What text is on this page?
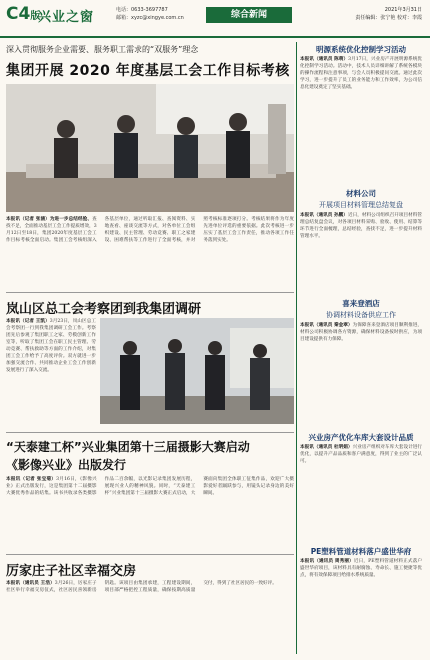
C4版
兴业之窗	电话：0633-3697787
邮箱：xyzc@xingye.com.cn	综合新闻	2021年3月31日
责任编辑：张宁艳 校对：李霞
深入贯彻服务企业需要、服务职工需求的“双服务”理念
集团开展 2020 年度基层工会工作目标考核
本报讯（记者 张涵）为进一步总结经验、查找不足，全面推动基层工会工作提质增效，3月12日至18日，集团2020年度基层工会工作目标考核全面启动。集团工会考核组深入各基层单位，通过听取汇报、查阅资料、实地查看、座谈交流等方式，对各单位工会组织建设、民主管理、劳动竞赛、职工之家建设、困难帮扶等工作进行了全面考核，并对照考核标准逐项打分。考核结果将作为年度先进单位评选的重要依据。此次考核进一步压实了基层工会工作责任，推动各项工作任务落到实处。
岚山区总工会考察团到我集团调研
本报讯（记者 王凯）3月23日，岚山区总工会考察团一行到我集团调研工会工作。考察团先后参观了集团职工之家、劳模创新工作室等，听取了集团工会在职工民主管理、劳动竞赛、帮扶救助等方面的工作介绍，对集团工会工作给予了高度评价。双方就进一步加强交流合作、共同推动企业工会工作创新发展进行了深入交流。
“天泰建工杯”兴业集团第十三届摄影大赛启动
《影像兴业》出版发行
本报讯（记者 张宝菊）3月16日，《影像兴业》正式出版发行，这是集团第十二届摄影大赛优秀作品的结集。该书共收录各类摄影作品二百余幅，以光影记录集团发展历程，展现兴业人的精神风貌。同时，“天泰建工杯”兴业集团第十三届摄影大赛正式启动，大赛面向集团全体职工征集作品，欢迎广大摄影爱好者踊跃参与，用镜头记录身边的美好瞬间。
厉家庄子社区幸福交房
本报讯（通讯员 王浩）3月26日，厉家庄子社区举行幸福交房仪式，社区居民喜领新房钥匙。该项目由集团承建，工程建设期间，项目部严格把控工程质量，确保按期高质量交付，得到了社区居民的一致好评。
明源系统优化控制学习活动
本报讯（通讯员 陈萌）3月17日，兴业房产开展明源系统优化控制学习活动。活动中，技术人员详细讲解了系统各模块的操作流程和注意事项，与会人员积极提问交流。通过此次学习，进一步提升了员工的业务能力和工作效率，为公司信息化建设奠定了坚实基础。
材料公司
开展项目材料管理总结复盘
本报讯（通讯员 孙鹏）近日，材料公司组织召开项目材料管理总结复盘会议，对各项目材料采购、验收、使用、结算等环节进行全面梳理，总结经验，查找不足，进一步提升材料管理水平。
喜来登酒店
协调材料设备供应工作
本报讯（通讯员 秦金翠）为保障喜来登酒店项目顺利推进，材料公司积极协调各方资源，确保材料设备按时供应，为项目建设提供有力保障。
兴业房产优化车库大套设计品质
本报讯（通讯员 杜明娟）兴业房产组织对车库大套设计进行优化，以提升产品品质和客户满意度，得到了业主的广泛认可。
PE塑料管道材料落户盛世华府
本报讯（通讯员 周秀丽）近日，PE塑料管道材料正式落户盛世华府项目，该材料具有耐腐蚀、寿命长、施工便捷等优点，将有效保障项目给排水系统质量。
